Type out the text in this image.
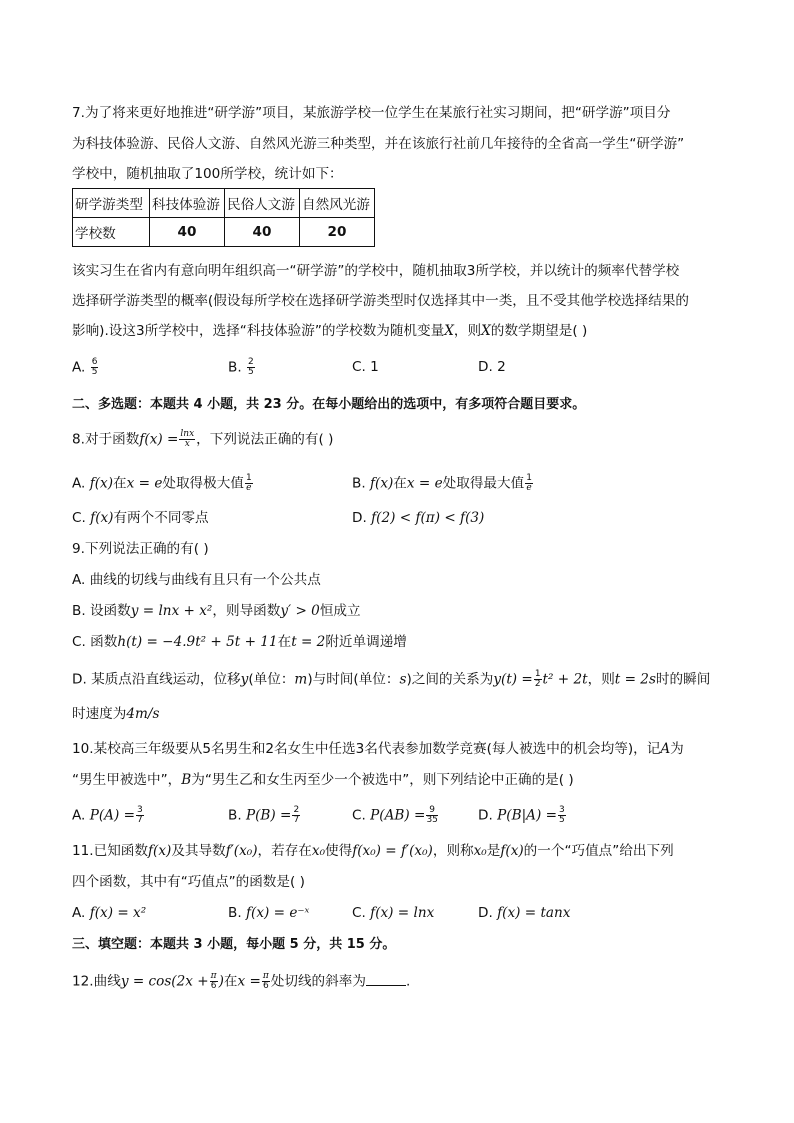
7.为了将来更好地推进“研学游”项目，某旅游学校一位学生在某旅行社实习期间，把“研学游”项目分
为科技体验游、民俗人文游、自然风光游三种类型，并在该旅行社前几年接待的全省高一学生“研学游”
学校中，随机抽取了100所学校，统计如下：
研学游类型	科技体验游	民俗人文游	自然风光游
学校数	40	40	20
该实习生在省内有意向明年组织高一“研学游”的学校中，随机抽取3所学校，并以统计的频率代替学校
选择研学游类型的概率(假设每所学校在选择研学游类型时仅选择其中一类，且不受其他学校选择结果的
影响).设这3所学校中，选择“科技体验游”的学校数为随机变量X，则X的数学期望是( )
A. $\frac{6}{5}$	B. $\frac{2}{5}$	C. 1	D. 2
二、多选题：本题共 4 小题，共 23 分。在每小题给出的选项中，有多项符合题目要求。
8.对于函数$f(x) = \frac{\ln x}{x}$ ，下列说法正确的有( )
A. f(x)在x = e处取得极大值 $\frac{1}{e}$	B. f(x)在x = e处取得最大值 $\frac{1}{e}$
C. f(x)有两个不同零点	D. f(2) < f(π) < f(3)
9.下列说法正确的有( )
A. 曲线的切线与曲线有且只有一个公共点
B. 设函数y = lnx + x²，则导函数y′ > 0恒成立
C. 函数h(t) = −4.9t² + 5t + 11在t = 2附近单调递增
D. 某质点沿直线运动，位移y(单位：m)与时间(单位：s)之间的关系为$y(t) = \frac{1}{2} t^2 + 2t$，则t = 2s时的瞬间
时速度为4m/s
10.某校高三年级要从5名男生和2名女生中任选3名代表参加数学竞赛(每人被选中的机会均等)，记A为
“男生甲被选中”，B为“男生乙和女生丙至少一个被选中”，则下列结论中正确的是( )
A. $P(A) = \frac{3}{7}$	B. $P(B) = \frac{2}{7}$	C. $P(AB) = \frac{9}{35}$	D. $P(B|A) = \frac{3}{5}$
11.已知函数f(x)及其导数f′(x₀)，若存在x₀使得f(x₀) = f′(x₀)，则称x₀是f(x)的一个“巧值点”给出下列
四个函数，其中有“巧值点”的函数是( )
A. f(x) = x²	B. f(x) = e⁻ˣ	C. f(x) = lnx	D. f(x) = tanx
三、填空题：本题共 3 小题，每小题 5 分，共 15 分。
12.曲线$y = \cos(2x + \frac{\pi}{6}$ )在$x = \frac{\pi}{6}$ 处切线的斜率为	.
